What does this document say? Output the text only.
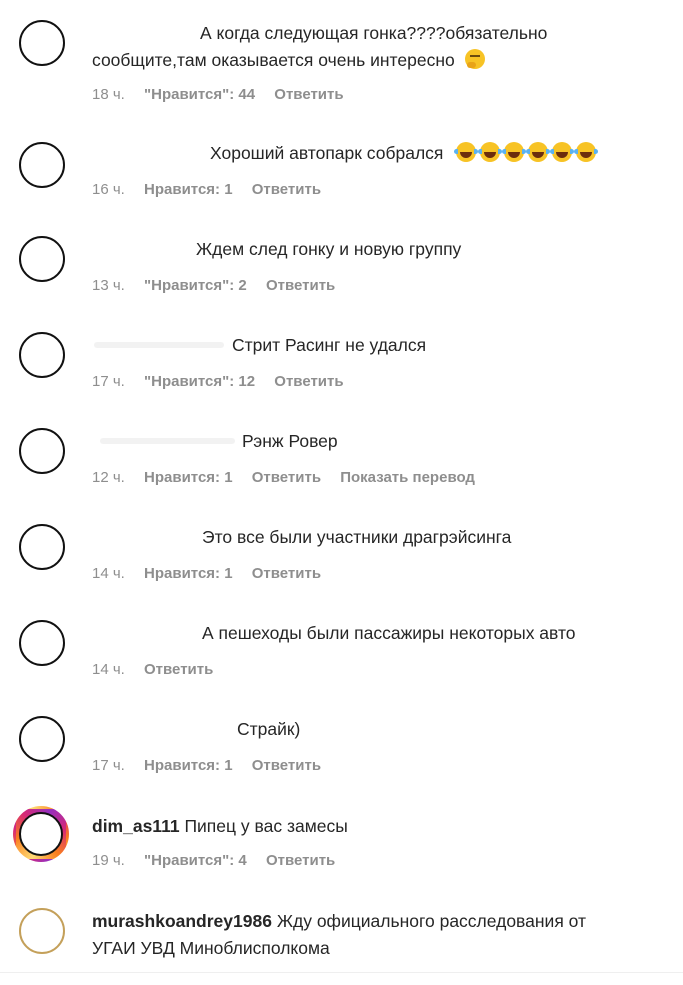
А когда следующая гонка????обязательно
сообщите,там оказывается очень интересно
18 ч. "Нравится": 44 Ответить
Хороший автопарк собрался
16 ч. Нравится: 1 Ответить
Ждем след гонку и новую группу
13 ч. "Нравится": 2 Ответить
Стрит Расинг не удался
17 ч. "Нравится": 12 Ответить
Рэнж Ровер
12 ч. Нравится: 1 Ответить Показать перевод
Это все были участники драгрэйсинга
14 ч. Нравится: 1 Ответить
А пешеходы были пассажиры некоторых авто
14 ч. Ответить
Страйк)
17 ч. Нравится: 1 Ответить
dim_as111 Пипец у вас замесы
19 ч. "Нравится": 4 Ответить
murashkoandrey1986 Жду официального расследования от
УГАИ УВД Миноблисполкома
